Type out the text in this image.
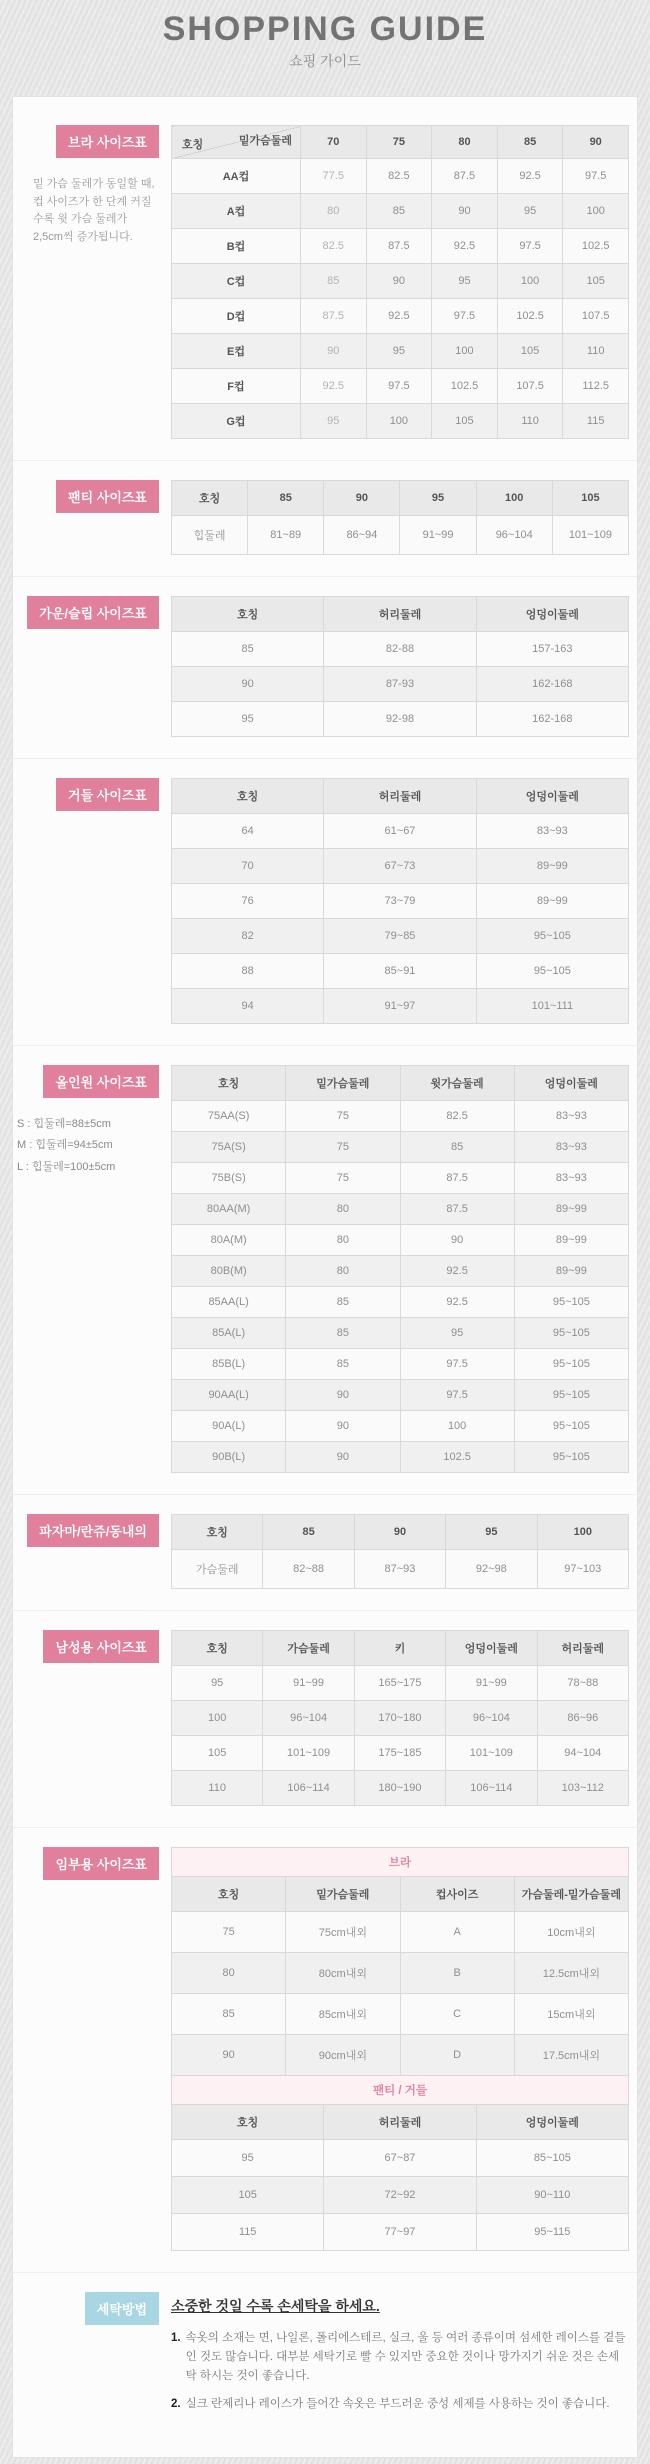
SHOPPING GUIDE

쇼핑 가이드

브라 사이즈표

밑 가슴 둘레가 동일할 때, 컵 사이즈가 한 단계 커질수록 윗 가슴 둘레가 2,5cm씩 증가됩니다.

밑가슴둘레
호칭	70	75	80	85	90
AA컵	77.5	82.5	87.5	92.5	97.5
A컵	80	85	90	95	100
B컵	82.5	87.5	92.5	97.5	102.5
C컵	85	90	95	100	105
D컵	87.5	92.5	97.5	102.5	107.5
E컵	90	95	100	105	110
F컵	92.5	97.5	102.5	107.5	112.5
G컵	95	100	105	110	115
팬티 사이즈표	호칭	85	90	95	100	105
힙둘레	81~89	86~94	91~99	96~104	101~109
가운/슬립 사이즈표	호칭	허리둘레	엉덩이둘레
85	82-88	157-163
90	87-93	162-168
95	92-98	162-168
거들 사이즈표	호칭	허리둘레	엉덩이둘레
64	61~67	83~93
70	67~73	89~99
76	73~79	89~99
82	79~85	95~105
88	85~91	95~105
94	91~97	101~111
올인원 사이즈표
S : 힙둘레=88±5cm
M : 힙둘레=94±5cm
L : 힙둘레=100±5cm
호칭	밑가슴둘레	윗가슴둘레	엉덩이둘레
75AA(S)	75	82.5	83~93
75A(S)	75	85	83~93
75B(S)	75	87.5	83~93
80AA(M)	80	87.5	89~99
80A(M)	80	90	89~99
80B(M)	80	92.5	89~99
85AA(L)	85	92.5	95~105
85A(L)	85	95	95~105
85B(L)	85	97.5	95~105
90AA(L)	90	97.5	95~105
90A(L)	90	100	95~105
90B(L)	90	102.5	95~105
파자마/란쥬/동내의	호칭	85	90	95	100
가슴둘레	82~88	87~93	92~98	97~103
남성용 사이즈표	호칭	가슴둘레	키	엉덩이둘레	허리둘레
95	91~99	165~175	91~99	78~88
100	96~104	170~180	96~104	86~96
105	101~109	175~185	101~109	94~104
110	106~114	180~190	106~114	103~112
임부용 사이즈표	브라			
호칭	밑가슴둘레	컵사이즈	가슴둘레-밑가슴둘레
75	75cm내외	A	10cm내외
80	80cm내외	B	12.5cm내외
85	85cm내외	C	15cm내외
90	90cm내외	D	17.5cm내외
팬티 / 거들		
호칭	허리둘레	엉덩이둘레
95	67~87	85~105
105	72~92	90~110
115	77~97	95~115
세탁방법	소중한 것일 수록 손세탁을 하세요.

1. 속옷의 소재는 면, 나일론, 폴리에스테르, 실크, 울 등 여러 종류이며 섬세한 레이스를 곁들인 것도 많습니다. 대부분 세탁기로 빨 수 있지만 중요한 것이나 망가지기 쉬운 것은 손세탁 하시는 것이 좋습니다.
2. 실크 란제리나 레이스가 들어간 속옷은 부드러운 중성 세제를 사용하는 것이 좋습니다.
